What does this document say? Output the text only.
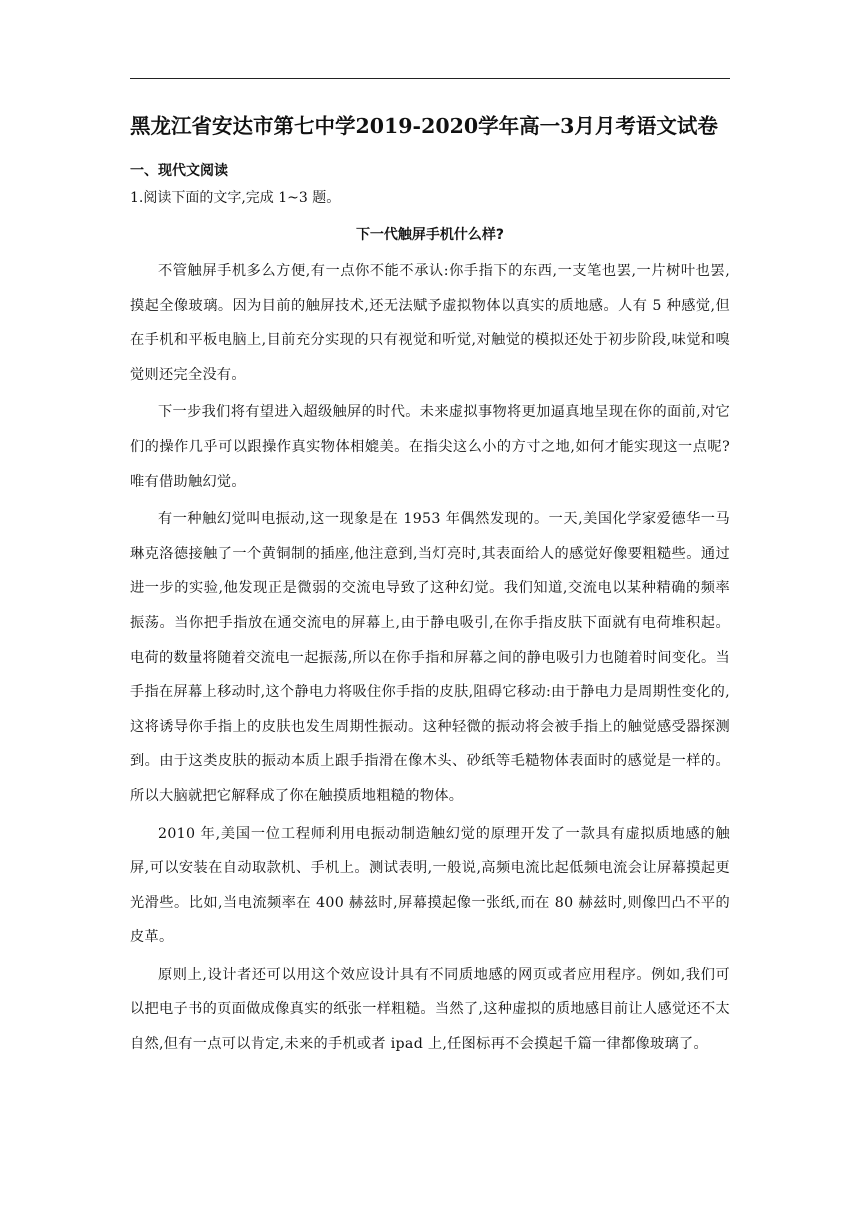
黑龙江省安达市第七中学2019-2020学年高一3月月考语文试卷

一、现代文阅读

1.阅读下面的文字,完成 1~3 题。

下一代触屏手机什么样?

不管触屏手机多么方便,有一点你不能不承认:你手指下的东西,一支笔也罢,一片树叶也罢,摸起全像玻璃。因为目前的触屏技术,还无法赋予虚拟物体以真实的质地感。人有 5 种感觉,但在手机和平板电脑上,目前充分实现的只有视觉和听觉,对触觉的模拟还处于初步阶段,味觉和嗅觉则还完全没有。

下一步我们将有望进入超级触屏的时代。未来虚拟事物将更加逼真地呈现在你的面前,对它们的操作几乎可以跟操作真实物体相媲美。在指尖这么小的方寸之地,如何才能实现这一点呢?唯有借助触幻觉。

有一种触幻觉叫电振动,这一现象是在 1953 年偶然发现的。一天,美国化学家爱德华一马琳克洛德接触了一个黄铜制的插座,他注意到,当灯亮时,其表面给人的感觉好像要粗糙些。通过进一步的实验,他发现正是微弱的交流电导致了这种幻觉。我们知道,交流电以某种精确的频率振荡。当你把手指放在通交流电的屏幕上,由于静电吸引,在你手指皮肤下面就有电荷堆积起。电荷的数量将随着交流电一起振荡,所以在你手指和屏幕之间的静电吸引力也随着时间变化。当手指在屏幕上移动时,这个静电力将吸住你手指的皮肤,阻碍它移动:由于静电力是周期性变化的,这将诱导你手指上的皮肤也发生周期性振动。这种轻微的振动将会被手指上的触觉感受器探测到。由于这类皮肤的振动本质上跟手指滑在像木头、砂纸等毛糙物体表面时的感觉是一样的。所以大脑就把它解释成了你在触摸质地粗糙的物体。

2010 年,美国一位工程师利用电振动制造触幻觉的原理开发了一款具有虚拟质地感的触屏,可以安装在自动取款机、手机上。测试表明,一般说,高频电流比起低频电流会让屏幕摸起更光滑些。比如,当电流频率在 400 赫兹时,屏幕摸起像一张纸,而在 80 赫兹时,则像凹凸不平的皮革。

原则上,设计者还可以用这个效应设计具有不同质地感的网页或者应用程序。例如,我们可以把电子书的页面做成像真实的纸张一样粗糙。当然了,这种虚拟的质地感目前让人感觉还不太自然,但有一点可以肯定,未来的手机或者 ipad 上,任图标再不会摸起千篇一律都像玻璃了。
